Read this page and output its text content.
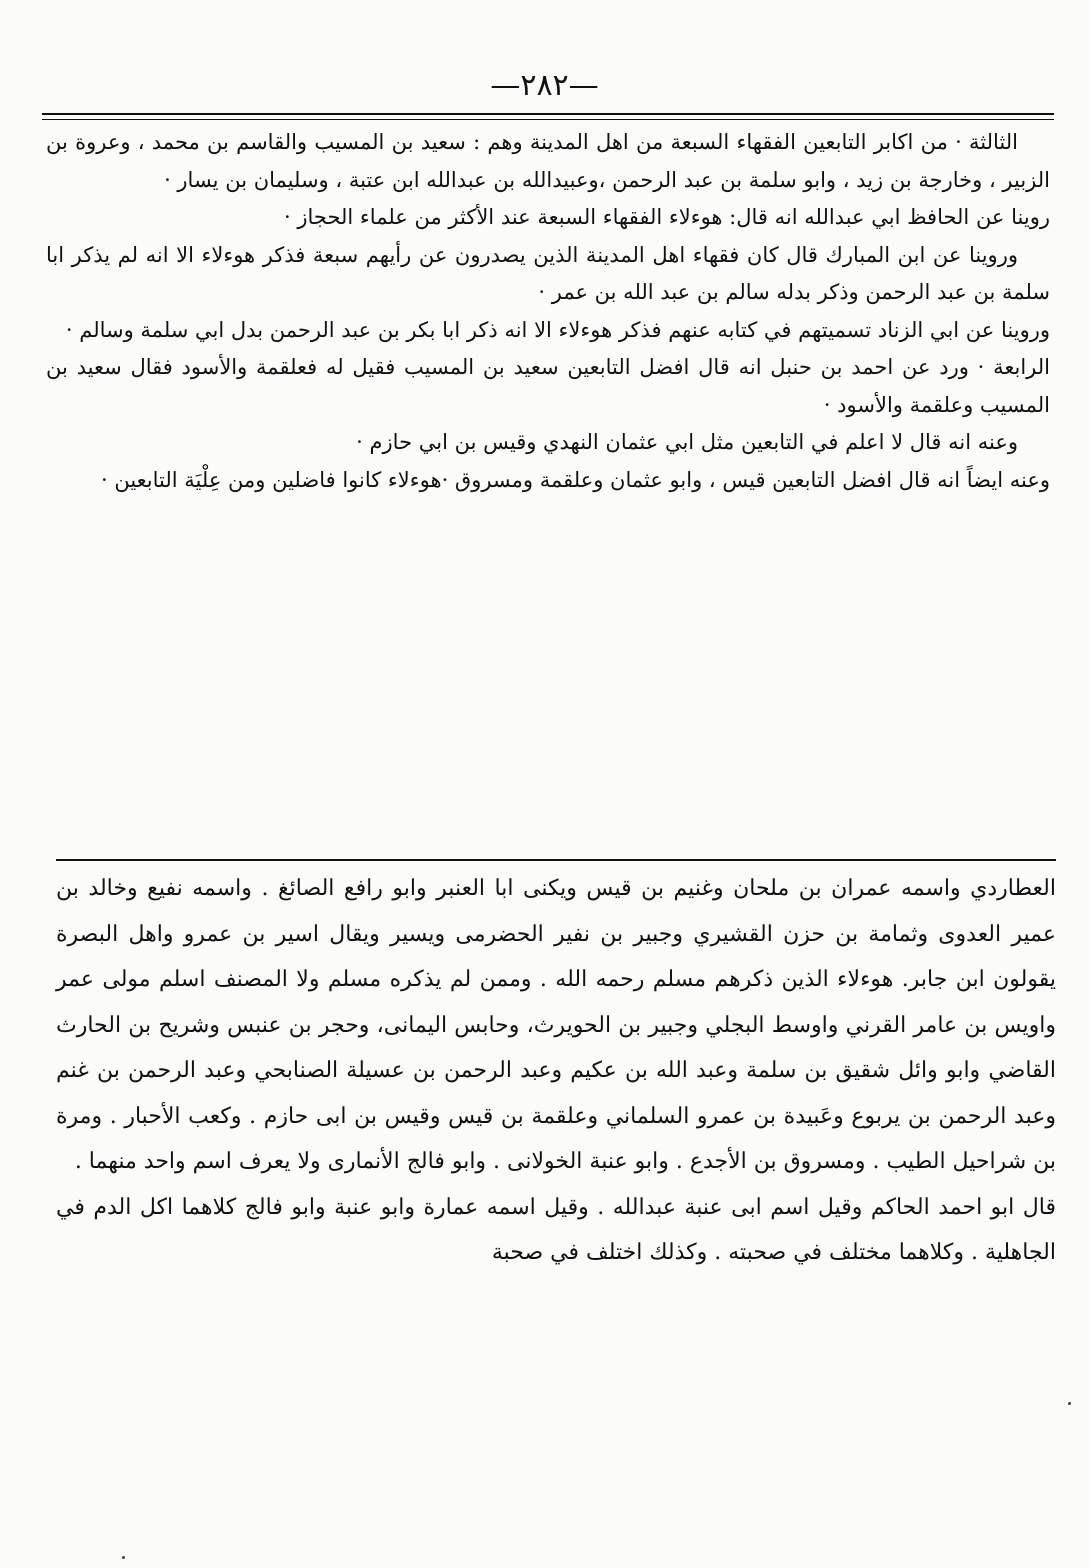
—٢٨٢—

الثالثة · من اكابر التابعين الفقهاء السبعة من اهل المدينة وهم : سعيد بن المسيب والقاسم بن محمد ، وعروة بن الزبير ، وخارجة بن زيد ، وابو سلمة بن عبد الرحمن ،وعبيدالله بن عبدالله ابن عتبة ، وسليمان بن يسار ·

روينا عن الحافظ ابي عبدالله انه قال: هوءلاء الفقهاء السبعة عند الأكثر من علماء الحجاز ·

وروينا عن ابن المبارك قال كان فقهاء اهل المدينة الذين يصدرون عن رأيهم سبعة فذكر هوءلاء الا انه لم يذكر ابا سلمة بن عبد الرحمن وذكر بدله سالم بن عبد الله بن عمر ·

وروينا عن ابي الزناد تسميتهم في كتابه عنهم فذكر هوءلاء الا انه ذكر ابا بكر بن عبد الرحمن بدل ابي سلمة وسالم ·

الرابعة · ورد عن احمد بن حنبل انه قال افضل التابعين سعيد بن المسيب فقيل له فعلقمة والأسود فقال سعيد بن المسيب وعلقمة والأسود ·

وعنه انه قال لا اعلم في التابعين مثل ابي عثمان النهدي وقيس بن ابي حازم ·

وعنه ايضاً انه قال افضل التابعين قيس ، وابو عثمان وعلقمة ومسروق ·هوءلاء كانوا فاضلين ومن عِلْيَة التابعين ·

العطاردي واسمه عمران بن ملحان وغنيم بن قيس ويكنى ابا العنبر وابو رافع الصائغ . واسمه نفيع وخالد بن عمير العدوى وثمامة بن حزن القشيري وجبير بن نفير الحضرمى ويسير ويقال اسير بن عمرو واهل البصرة يقولون ابن جابر. هوءلاء الذين ذكرهم مسلم رحمه الله . وممن لم يذكره مسلم ولا المصنف اسلم مولى عمر واويس بن عامر القرني واوسط البجلي وجبير بن الحويرث، وحابس اليمانى، وحجر بن عنبس وشريح بن الحارث القاضي وابو وائل شقيق بن سلمة وعبد الله بن عكيم وعبد الرحمن بن عسيلة الصنابحي وعبد الرحمن بن غنم وعبد الرحمن بن يربوع وعَبيدة بن عمرو السلماني وعلقمة بن قيس وقيس بن ابى حازم . وكعب الأحبار . ومرة بن شراحيل الطيب . ومسروق بن الأجدع . وابو عنبة الخولانى . وابو فالج الأنمارى ولا يعرف اسم واحد منهما .

قال ابو احمد الحاكم وقيل اسم ابى عنبة عبدالله . وقيل اسمه عمارة وابو عنبة وابو فالج كلاهما اكل الدم في الجاهلية . وكلاهما مختلف في صحبته . وكذلك اختلف في صحبة
